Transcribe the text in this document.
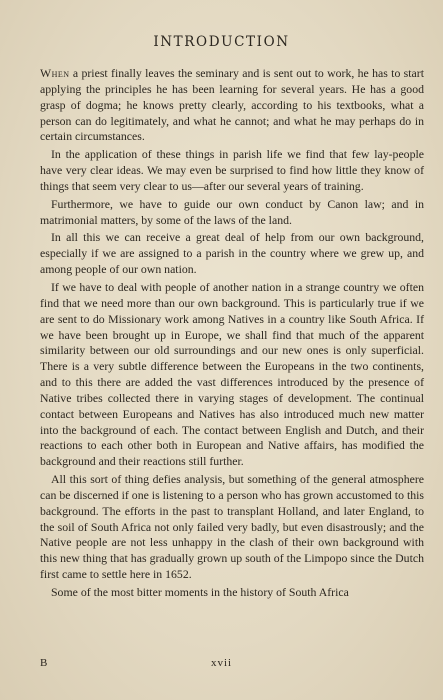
INTRODUCTION

When a priest finally leaves the seminary and is sent out to work, he has to start applying the principles he has been learning for several years. He has a good grasp of dogma; he knows pretty clearly, according to his textbooks, what a person can do legitimately, and what he cannot; and what he may perhaps do in certain circumstances.

In the application of these things in parish life we find that few lay-people have very clear ideas. We may even be surprised to find how little they know of things that seem very clear to us—after our several years of training.

Furthermore, we have to guide our own conduct by Canon law; and in matrimonial matters, by some of the laws of the land.

In all this we can receive a great deal of help from our own background, especially if we are assigned to a parish in the country where we grew up, and among people of our own nation.

If we have to deal with people of another nation in a strange country we often find that we need more than our own background. This is particularly true if we are sent to do Missionary work among Natives in a country like South Africa. If we have been brought up in Europe, we shall find that much of the apparent similarity between our old surroundings and our new ones is only superficial. There is a very subtle difference between the Europeans in the two continents, and to this there are added the vast differences introduced by the presence of Native tribes collected there in varying stages of development. The continual contact between Europeans and Natives has also introduced much new matter into the background of each. The contact between English and Dutch, and their reactions to each other both in European and Native affairs, has modified the background and their reactions still further.

All this sort of thing defies analysis, but something of the general atmosphere can be discerned if one is listening to a person who has grown accustomed to this background. The efforts in the past to transplant Holland, and later England, to the soil of South Africa not only failed very badly, but even disastrously; and the Native people are not less unhappy in the clash of their own background with this new thing that has gradually grown up south of the Limpopo since the Dutch first came to settle here in 1652.

Some of the most bitter moments in the history of South Africa

B	xvii
